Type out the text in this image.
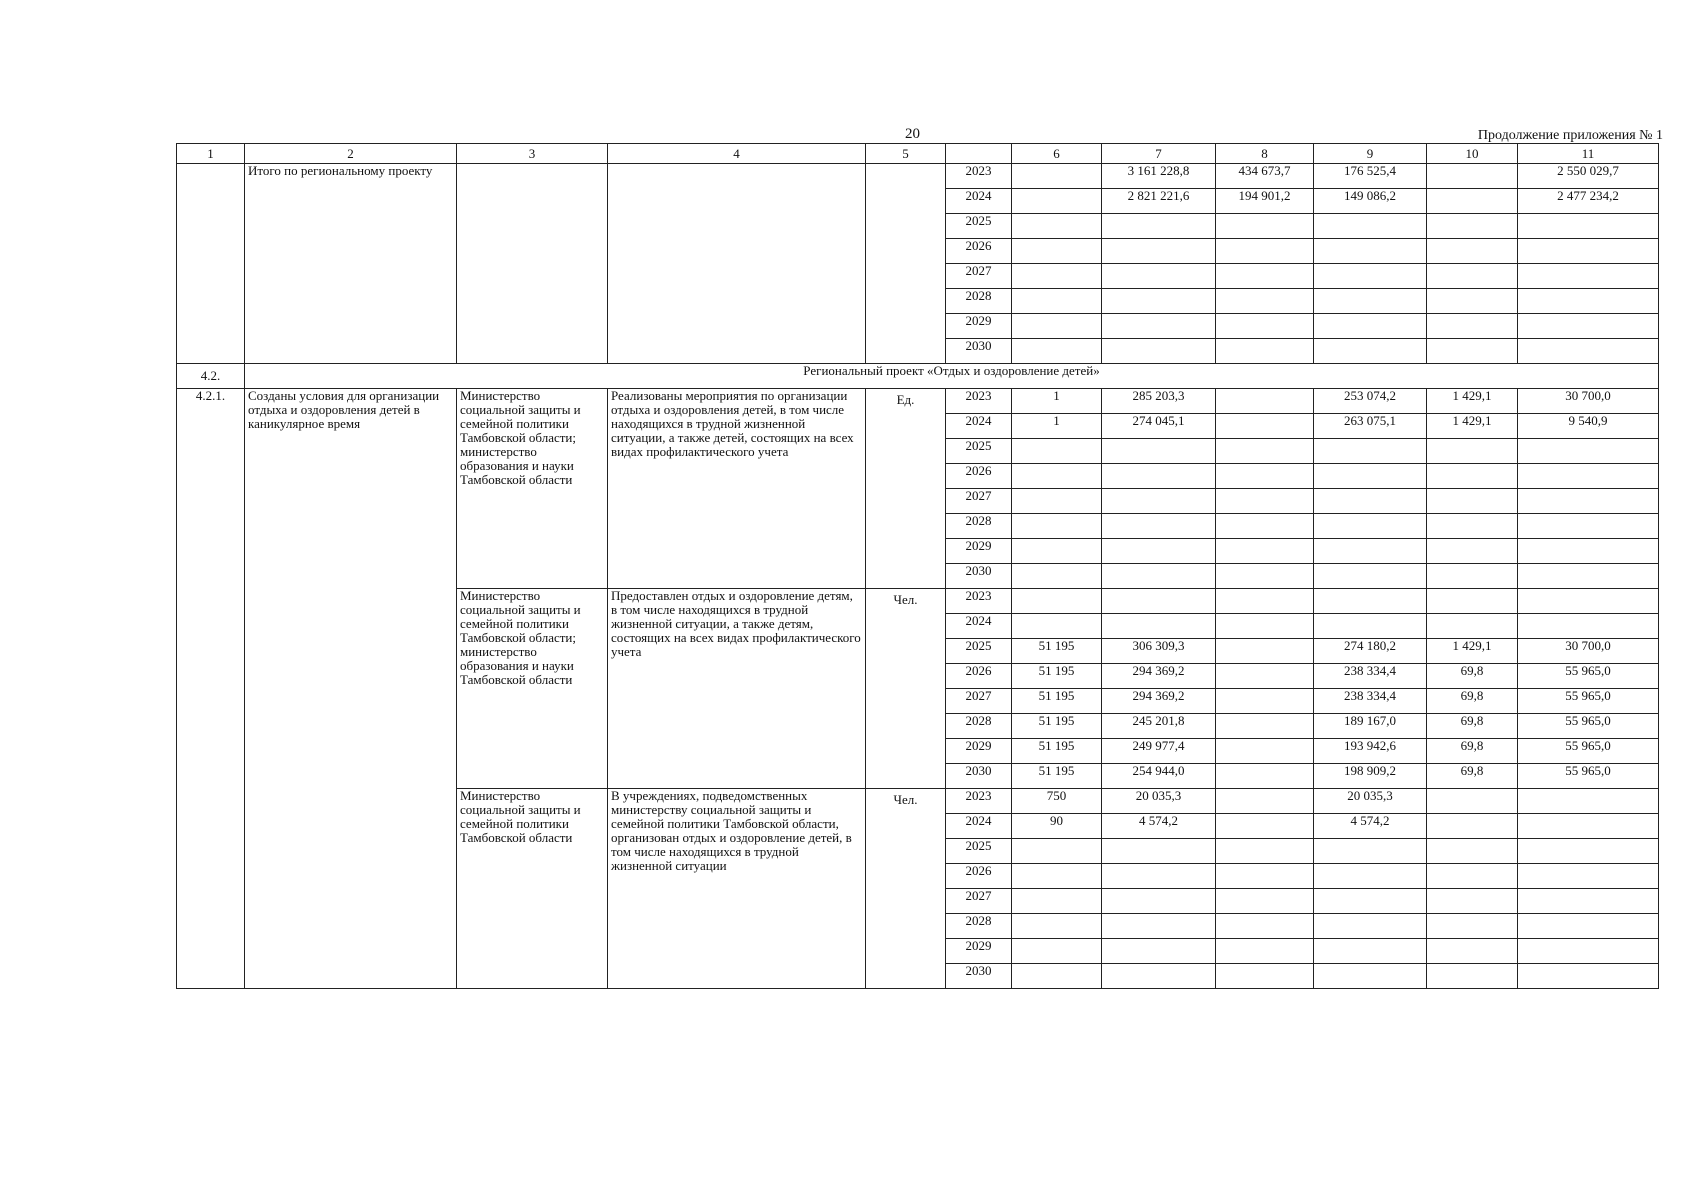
20	Продолжение приложения № 1
1	2	3	4	5		6	7	8	9	10	11
	Итого по региональному проекту				2023		3 161 228,8	434 673,7	176 525,4		2 550 029,7
					2024		2 821 221,6	194 901,2	149 086,2		2 477 234,2
					2025						
					2026						
					2027						
					2028						
					2029						
					2030						
4.2.	Региональный проект «Отдых и оздоровление детей»										
4.2.1.	Созданы условия для организации отдыха и оздоровления детей в каникулярное время	Министерство социальной защиты и семейной политики Тамбовской области; министерство образования и науки Тамбовской области	Реализованы мероприятия по организации отдыха и оздоровления детей, в том числе находящихся в трудной жизненной ситуации, а также детей, состоящих на всех видах профилактического учета	Ед.	2023	1	285 203,3		253 074,2	1 429,1	30 700,0
					2024	1	274 045,1		263 075,1	1 429,1	9 540,9
					2025						
					2026						
					2027						
					2028						
					2029						
					2030						
		Министерство социальной защиты и семейной политики Тамбовской области; министерство образования и науки Тамбовской области	Предоставлен отдых и оздоровление детям, в том числе находящихся в трудной жизненной ситуации, а также детям, состоящих на всех видах профилактического учета	Чел.	2023						
					2024						
					2025	51 195	306 309,3		274 180,2	1 429,1	30 700,0
					2026	51 195	294 369,2		238 334,4	69,8	55 965,0
					2027	51 195	294 369,2		238 334,4	69,8	55 965,0
					2028	51 195	245 201,8		189 167,0	69,8	55 965,0
					2029	51 195	249 977,4		193 942,6	69,8	55 965,0
					2030	51 195	254 944,0		198 909,2	69,8	55 965,0
		Министерство социальной защиты и семейной политики Тамбовской области	В учреждениях, подведомственных министерству социальной защиты и семейной политики Тамбовской области, организован отдых и оздоровление детей, в том числе находящихся в трудной жизненной ситуации	Чел.	2023	750	20 035,3		20 035,3		
					2024	90	4 574,2		4 574,2		
					2025						
					2026						
					2027						
					2028						
					2029						
					2030						
